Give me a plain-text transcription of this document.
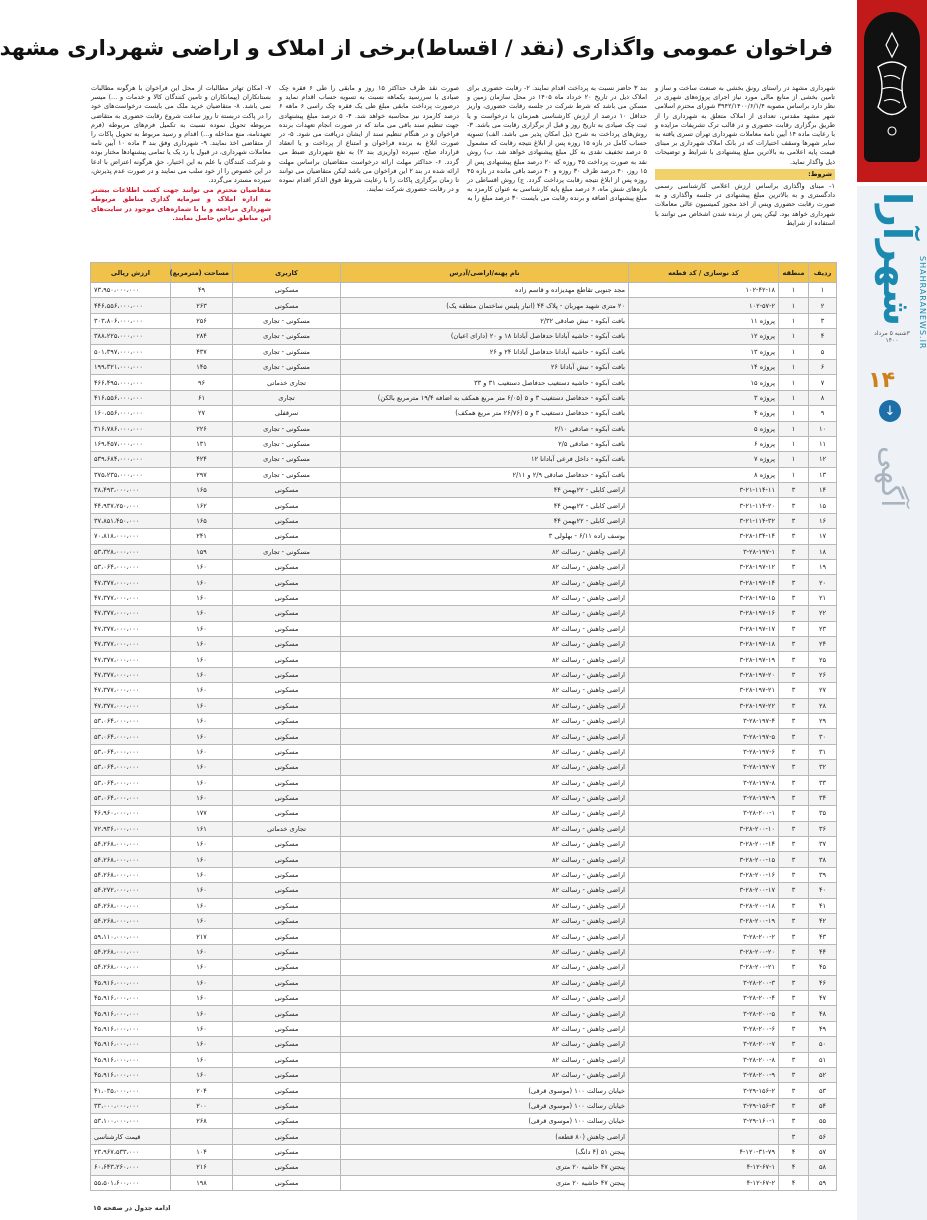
شهرآرا SHAHRARANEWS.IR
۳شنبه ۵ مرداد ۱۴۰۰
۱۴
↓
آگهی
فراخوان عمومی واگذاری (نقد / اقساط)برخی از املاک و اراضی شهرداری مشهد

شهرداری مشهد در راستای رونق بخشی به صنعت ساخت و ساز و تامین بخشی از منابع مالی مورد نیاز اجرای پروژه‌های شهری در نظر دارد براساس مصوبه ۳۹۴۲/۱۴۰۰/۶/۱/۴ شورای محترم اسلامی شهر مشهد مقدس، تعدادی از املاک متعلق به شهرداری را از طریق برگزاری رقابت حضوری و در قالب ترک تشریفات مزایده و با رعایت ماده ۱۴ آیین نامه معاملات شهرداری تهران تسری یافته به سایر شهرها وسقف اختیارات که در بانک املاک شهرداری بر مبنای قیمت پایه اعلامی به بالاترین مبلغ پیشنهادی با شرایط و توضیحات ذیل واگذار نماید.

شروط:

۱- مبنای واگذاری براساس ارزش اعلامی کارشناسی رسمی دادگستری و به بالاترین مبلغ پیشنهادی در جلسه واگذاری و به صورت رقابت حضوری ویس از اخذ مجوز کمیسیون عالی معاملات شهرداری خواهد بود. لیکن پس از برنده شدن اشخاص می توانند با استفاده از شرایط

بند ۳ حاضر نسبت به پرداخت اقدام نمایند. ۲- رقابت حضوری برای املاک ذیل در تاریخ ۲۰ خرداد ماه ۱۴۰۵ در محل سازمان زمین و مسکن می باشد که شرط شرکت در جلسه رقابت حضوری، واریز حداقل ۱۰ درصد از ارزش کارشناسی همزمان با درخواست و یا ثبت چک صیادی به تاریخ روز و قبل از برگزاری رقابت می باشد. ۳- روش‌های پرداخت به شرح ذیل امکان پذیر می باشد. الف) تسویه حساب کامل در بازه ۱۵ روزه پس از ابلاغ نتیجه رقابت که مشمول ۵ درصد تخفیف نقدی به کل مبلغ پیشنهادی خواهد شد. ب) روش نقد به صورت پرداخت ۴۵ روزه که ۲۰ درصد مبلغ پیشنهادی پس از ۱۵ روز، ۴۰ درصد ظرف ۳۰ روزه و ۴۰ درصد باقی مانده در بازه ۴۵ روزه پس از ابلاغ نتیجه رقابت پرداخت گردد. ج) روش اقساطی در بازه‌های شش ماه، ۶ درصد مبلغ پایه کارشناسی به عنوان کارمزد به مبلغ پیشنهادی اضافه و برنده رقابت می بایست ۳۰ درصد مبلغ را به

صورت نقد ظرف حداکثر ۱۵ روز و مابقی را طی ۶ فقره چک صیادی با سررسید یکماهه نسبت به تسویه حساب اقدام نماید و درصورت پرداخت مابقی مبلغ طی یک فقره چک راسی ۶ ماهه ۶ درصد کارمزد نیز محاسبه خواهد شد. ۴- ۵ درصد مبلغ پیشنهادی جهت تنظیم سند باقی می ماند که در صورت انجام تعهدات برنده فراخوان و در هنگام تنظیم سند از ایشان دریافت می شود. ۵- در صورت ابلاغ به برنده فراخوان و امتناع از پرداخت و یا انعقاد قرارداد صلح، سپرده (واریزی بند ۲) به نفع شهرداری ضبط می گردد. ۶- حداکثر مهلت ارائه درخواست متقاضیان براساس مهلت ارائه شده در بند ۲ این فراخوان می باشد لیکن متقاضیان می توانند تا زمان برگزاری پاکات را با رعایت شروط فوق الذکر اقدام نموده و در رقابت حضوری شرکت نمایند.

۷- امکان تهاتر مطالبات از محل این فراخوان با هرگونه مطالبات بستانکاران (پیمانکاران و تامین کنندگان کالا و خدمات و ...) میسر نمی باشد. ۸- متقاضیان خرید ملک می بایست درخواست‌های خود را در پاکت دربسته تا روز ساعت شروع رقابت حضوری به متقاضی مربوطه تحویل نموده نسبت به تکمیل فرم‌های مربوطه (فرم تعهدنامه، منع مداخله و...) اقدام و رسید مربوط به تحویل پاکات را از متقاضی اخذ نمایند. ۹- شهرداری وفق بند ۳ ماده ۱۰ آیین نامه معاملات شهرداری، در قبول یا رد یک یا تمامی پیشنهادها مختار بوده و شرکت کنندگان با علم به این اختیار، حق هرگونه اعتراض با ادعا در این خصوص را از خود سلب می نمایند و در صورت عدم پذیرش، سپرده مسترد می‌گردد.

متقاضیان محترم می توانند جهت کسب اطلاعات بیشتر به اداره املاک و سرمایه گذاری مناطق مربوطه شهرداری مراجعه و یا با شماره‌های موجود در سایت‌های این مناطق تماس حاصل نمایند.

ردیف	منطقه	کد نوسازی / کد قطعه	نام پهنه/اراضی/آدرس	کاربری	مساحت (مترمربع)	ارزش ریالی
۱	۱	۱۰۲-۴۲-۱۸	مجد جنوبی تقاطع مهدیزاده و قاسم زاده	مسکونی	۴۹	۷۳،۹۵۰،۰۰۰،۰۰۰
۲	۱	۱۰۲-۵۷-۲	۲۰ متری شهید مهربان - پلاک ۴۴ (انبار پلیس ساختمان منطقه یک)	مسکونی	۲۶۳	۴۴۶،۵۵۶،۰۰۰،۰۰۰
۳	۱	پروژه ۱۱	بافت آبکوه - نبش صادقی ۲/۳۲	مسکونی - تجاری	۲۵۶	۳۰۳،۸۰۶،۰۰۰،۰۰۰
۴	۱	پروژه ۱۲	بافت آبکوه - حاشیه آبادانا حدفاصل آبادانا ۱۸ و ۲۰ (دارای اعیان)	مسکونی - تجاری	۲۸۴	۳۸۸،۲۲۵،۰۰۰،۰۰۰
۵	۱	پروژه ۱۳	بافت آبکوه - حاشیه آبادانا حدفاصل آبادانا ۲۴ و ۲۶	مسکونی - تجاری	۴۳۷	۵۰۱،۳۹۷،۰۰۰،۰۰۰
۶	۱	پروژه ۱۴	بافت آبکوه - نبش آبادانا ۲۶	مسکونی - تجاری	۱۴۵	۱۹۹،۳۲۱،۰۰۰،۰۰۰
۷	۱	پروژه ۱۵	بافت آبکوه - حاشیه دستغیب حدفاصل دستغیب ۳۱ و ۳۳	تجاری خدماتی	۹۶	۴۶۶،۴۹۵،۰۰۰،۰۰۰
۸	۱	پروژه ۳	بافت آبکوه - حدفاصل دستغیب ۳ و ۵ (۶/۰۵ متر مربع همکف به اضافه ۱۹/۴ مترمربع بالکن)	تجاری	۶۱	۴۱۶،۵۵۶،۰۰۰،۰۰۰
۹	۱	پروژه ۴	بافت آبکوه - حدفاصل دستغیب ۳ و ۵ (۲۶/۷۶ متر مربع همکف)	سرقفلی	۲۷	۱۶۰،۵۵۶،۰۰۰،۰۰۰
۱۰	۱	پروژه ۵	بافت آبکوه - صادقی ۲/۱۰	مسکونی - تجاری	۲۲۶	۳۱۶،۷۸۶،۰۰۰،۰۰۰
۱۱	۱	پروژه ۶	بافت آبکوه - صادقی ۲/۵	مسکونی - تجاری	۱۳۱	۱۶۹،۴۵۷،۰۰۰،۰۰۰
۱۲	۱	پروژه ۷	بافت آبکوه - داخل فرعی آبادانا ۱۲	مسکونی - تجاری	۴۲۴	۵۳۹،۶۸۴،۰۰۰،۰۰۰
۱۳	۱	پروژه ۸	بافت آبکوه - حدفاصل صادقی ۲/۹ و ۲/۱۱	مسکونی - تجاری	۲۹۷	۳۷۵،۲۳۵،۰۰۰،۰۰۰
۱۴	۳	۳-۲۱-۱۱۴-۱۱	اراضی کابلی - ۲۲بهمن ۴۴	مسکونی	۱۶۵	۳۸،۴۹۳،۰۰۰،۰۰۰
۱۵	۳	۳-۲۱-۱۱۴-۲۰	اراضی کابلی - ۲۲بهمن ۴۴	مسکونی	۱۶۲	۴۴،۹۳۷،۲۵۰،۰۰۰
۱۶	۳	۳-۲۱-۱۱۴-۳۲	اراضی کابلی - ۲۲بهمن ۴۴	مسکونی	۱۶۵	۳۷،۸۵۱،۴۵۰،۰۰۰
۱۷	۳	۳-۲۸-۱۳۴-۱۴	یوسف زاده ۶/۱۱ - بهلولی ۳	مسکونی	۲۴۱	۷۰،۸۱۸،۰۰۰،۰۰۰
۱۸	۳	۳-۲۸-۱۹۷-۱	اراضی چاهش - رسالت ۸۲	مسکونی - تجاری	۱۵۹	۵۳،۳۲۸،۰۰۰،۰۰۰
۱۹	۳	۳-۲۸-۱۹۷-۱۲	اراضی چاهش - رسالت ۸۲	مسکونی	۱۶۰	۵۳،۰۶۴،۰۰۰،۰۰۰
۲۰	۳	۳-۲۸-۱۹۷-۱۴	اراضی چاهش - رسالت ۸۲	مسکونی	۱۶۰	۴۷،۳۷۷،۰۰۰،۰۰۰
۲۱	۳	۳-۲۸-۱۹۷-۱۵	اراضی چاهش - رسالت ۸۲	مسکونی	۱۶۰	۴۷،۳۷۷،۰۰۰،۰۰۰
۲۲	۳	۳-۲۸-۱۹۷-۱۶	اراضی چاهش - رسالت ۸۲	مسکونی	۱۶۰	۴۷،۳۷۷،۰۰۰،۰۰۰
۲۳	۳	۳-۲۸-۱۹۷-۱۷	اراضی چاهش - رسالت ۸۲	مسکونی	۱۶۰	۴۷،۳۷۷،۰۰۰،۰۰۰
۲۴	۳	۳-۲۸-۱۹۷-۱۸	اراضی چاهش - رسالت ۸۲	مسکونی	۱۶۰	۴۷،۳۷۷،۰۰۰،۰۰۰
۲۵	۳	۳-۲۸-۱۹۷-۱۹	اراضی چاهش - رسالت ۸۲	مسکونی	۱۶۰	۴۷،۳۷۷،۰۰۰،۰۰۰
۲۶	۳	۳-۲۸-۱۹۷-۲۰	اراضی چاهش - رسالت ۸۲	مسکونی	۱۶۰	۴۷،۳۷۷،۰۰۰،۰۰۰
۲۷	۳	۳-۲۸-۱۹۷-۲۱	اراضی چاهش - رسالت ۸۲	مسکونی	۱۶۰	۴۷،۳۷۷،۰۰۰،۰۰۰
۲۸	۳	۳-۲۸-۱۹۷-۲۲	اراضی چاهش - رسالت ۸۲	مسکونی	۱۶۰	۴۷،۳۷۷،۰۰۰،۰۰۰
۲۹	۳	۳-۲۸-۱۹۷-۴	اراضی چاهش - رسالت ۸۲	مسکونی	۱۶۰	۵۳،۰۶۴،۰۰۰،۰۰۰
۳۰	۳	۳-۲۸-۱۹۷-۵	اراضی چاهش - رسالت ۸۲	مسکونی	۱۶۰	۵۳،۰۶۴،۰۰۰،۰۰۰
۳۱	۳	۳-۲۸-۱۹۷-۶	اراضی چاهش - رسالت ۸۲	مسکونی	۱۶۰	۵۳،۰۶۴،۰۰۰،۰۰۰
۳۲	۳	۳-۲۸-۱۹۷-۷	اراضی چاهش - رسالت ۸۲	مسکونی	۱۶۰	۵۳،۰۶۴،۰۰۰،۰۰۰
۳۳	۳	۳-۲۸-۱۹۷-۸	اراضی چاهش - رسالت ۸۲	مسکونی	۱۶۰	۵۳،۰۶۴،۰۰۰،۰۰۰
۳۴	۳	۳-۲۸-۱۹۷-۹	اراضی چاهش - رسالت ۸۲	مسکونی	۱۶۰	۵۳،۰۶۴،۰۰۰،۰۰۰
۳۵	۳	۳-۲۸-۲۰۰-۱	اراضی چاهش - رسالت ۸۲	مسکونی	۱۷۷	۴۶،۹۶۰،۰۰۰،۰۰۰
۳۶	۳	۳-۲۸-۲۰۰-۱۰	اراضی چاهش - رسالت ۸۲	تجاری خدماتی	۱۶۱	۷۲،۹۳۶،۰۰۰،۰۰۰
۳۷	۳	۳-۲۸-۲۰۰-۱۴	اراضی چاهش - رسالت ۸۲	مسکونی	۱۶۰	۵۴،۲۶۸،۰۰۰،۰۰۰
۳۸	۳	۳-۲۸-۲۰۰-۱۵	اراضی چاهش - رسالت ۸۲	مسکونی	۱۶۰	۵۴،۲۶۸،۰۰۰،۰۰۰
۳۹	۳	۳-۲۸-۲۰۰-۱۶	اراضی چاهش - رسالت ۸۲	مسکونی	۱۶۰	۵۴،۲۶۸،۰۰۰،۰۰۰
۴۰	۳	۳-۲۸-۲۰۰-۱۷	اراضی چاهش - رسالت ۸۲	مسکونی	۱۶۰	۵۴،۲۷۲،۰۰۰،۰۰۰
۴۱	۳	۳-۲۸-۲۰۰-۱۸	اراضی چاهش - رسالت ۸۲	مسکونی	۱۶۰	۵۴،۲۶۸،۰۰۰،۰۰۰
۴۲	۳	۳-۲۸-۲۰۰-۱۹	اراضی چاهش - رسالت ۸۲	مسکونی	۱۶۰	۵۴،۲۶۸،۰۰۰،۰۰۰
۴۳	۳	۳-۲۸-۲۰۰-۲	اراضی چاهش - رسالت ۸۲	مسکونی	۲۱۷	۵۹،۱۱۰،۰۰۰،۰۰۰
۴۴	۳	۳-۲۸-۲۰۰-۲۰	اراضی چاهش - رسالت ۸۲	مسکونی	۱۶۰	۵۴،۲۶۸،۰۰۰،۰۰۰
۴۵	۳	۳-۲۸-۲۰۰-۲۱	اراضی چاهش - رسالت ۸۲	مسکونی	۱۶۰	۵۴،۲۶۸،۰۰۰،۰۰۰
۴۶	۳	۳-۲۸-۲۰۰-۳	اراضی چاهش - رسالت ۸۲	مسکونی	۱۶۰	۴۵،۹۱۶،۰۰۰،۰۰۰
۴۷	۳	۳-۲۸-۲۰۰-۴	اراضی چاهش - رسالت ۸۲	مسکونی	۱۶۰	۴۵،۹۱۶،۰۰۰،۰۰۰
۴۸	۳	۳-۲۸-۲۰۰-۵	اراضی چاهش - رسالت ۸۲	مسکونی	۱۶۰	۴۵،۹۱۶،۰۰۰،۰۰۰
۴۹	۳	۳-۲۸-۲۰۰-۶	اراضی چاهش - رسالت ۸۲	مسکونی	۱۶۰	۴۵،۹۱۶،۰۰۰،۰۰۰
۵۰	۳	۳-۲۸-۲۰۰-۷	اراضی چاهش - رسالت ۸۲	مسکونی	۱۶۰	۴۵،۹۱۶،۰۰۰،۰۰۰
۵۱	۳	۳-۲۸-۲۰۰-۸	اراضی چاهش - رسالت ۸۲	مسکونی	۱۶۰	۴۵،۹۱۶،۰۰۰،۰۰۰
۵۲	۳	۳-۲۸-۲۰۰-۹	اراضی چاهش - رسالت ۸۲	مسکونی	۱۶۰	۴۵،۹۱۶،۰۰۰،۰۰۰
۵۳	۳	۳-۲۹-۱۵۶-۲	خیابان رسالت ۱۰۰ (موسوی قرقی)	مسکونی	۲۰۴	۴۱،۰۳۵،۰۰۰،۰۰۰
۵۴	۳	۳-۲۹-۱۵۶-۳	خیابان رسالت ۱۰۰ (موسوی قرقی)	مسکونی	۲۰۰	۳۳،۰۰۰،۰۰۰،۰۰۰
۵۵	۳	۳-۲۹-۱۶۰-۱	خیابان رسالت ۱۰۰ (موسوی قرقی)	مسکونی	۲۶۸	۵۳،۱۰۰،۰۰۰،۰۰۰
۵۶	۳		اراضی چاهش (۸۰ قطعه)	مسکونی		قیمت کارشناسی
۵۷	۴	۴-۱۲۰-۳۱-۷۹	پنجتن ۵۱ (۴ دانگ)	مسکونی	۱۰۴	۲۳،۹۶۷،۵۳۳،۰۰۰
۵۸	۴	۴-۱۲-۶۷-۱	پنجتن ۴۷ حاشیه ۲۰ متری	مسکونی	۲۱۶	۶۰،۶۴۳،۲۶۰،۰۰۰
۵۹	۴	۴-۱۲-۶۷-۲	پنجتن ۴۷ حاشیه ۲۰ متری	مسکونی	۱۹۸	۵۵،۵۰۱،۶۰۰،۰۰۰
ادامه جدول در صفحه ۱۵
